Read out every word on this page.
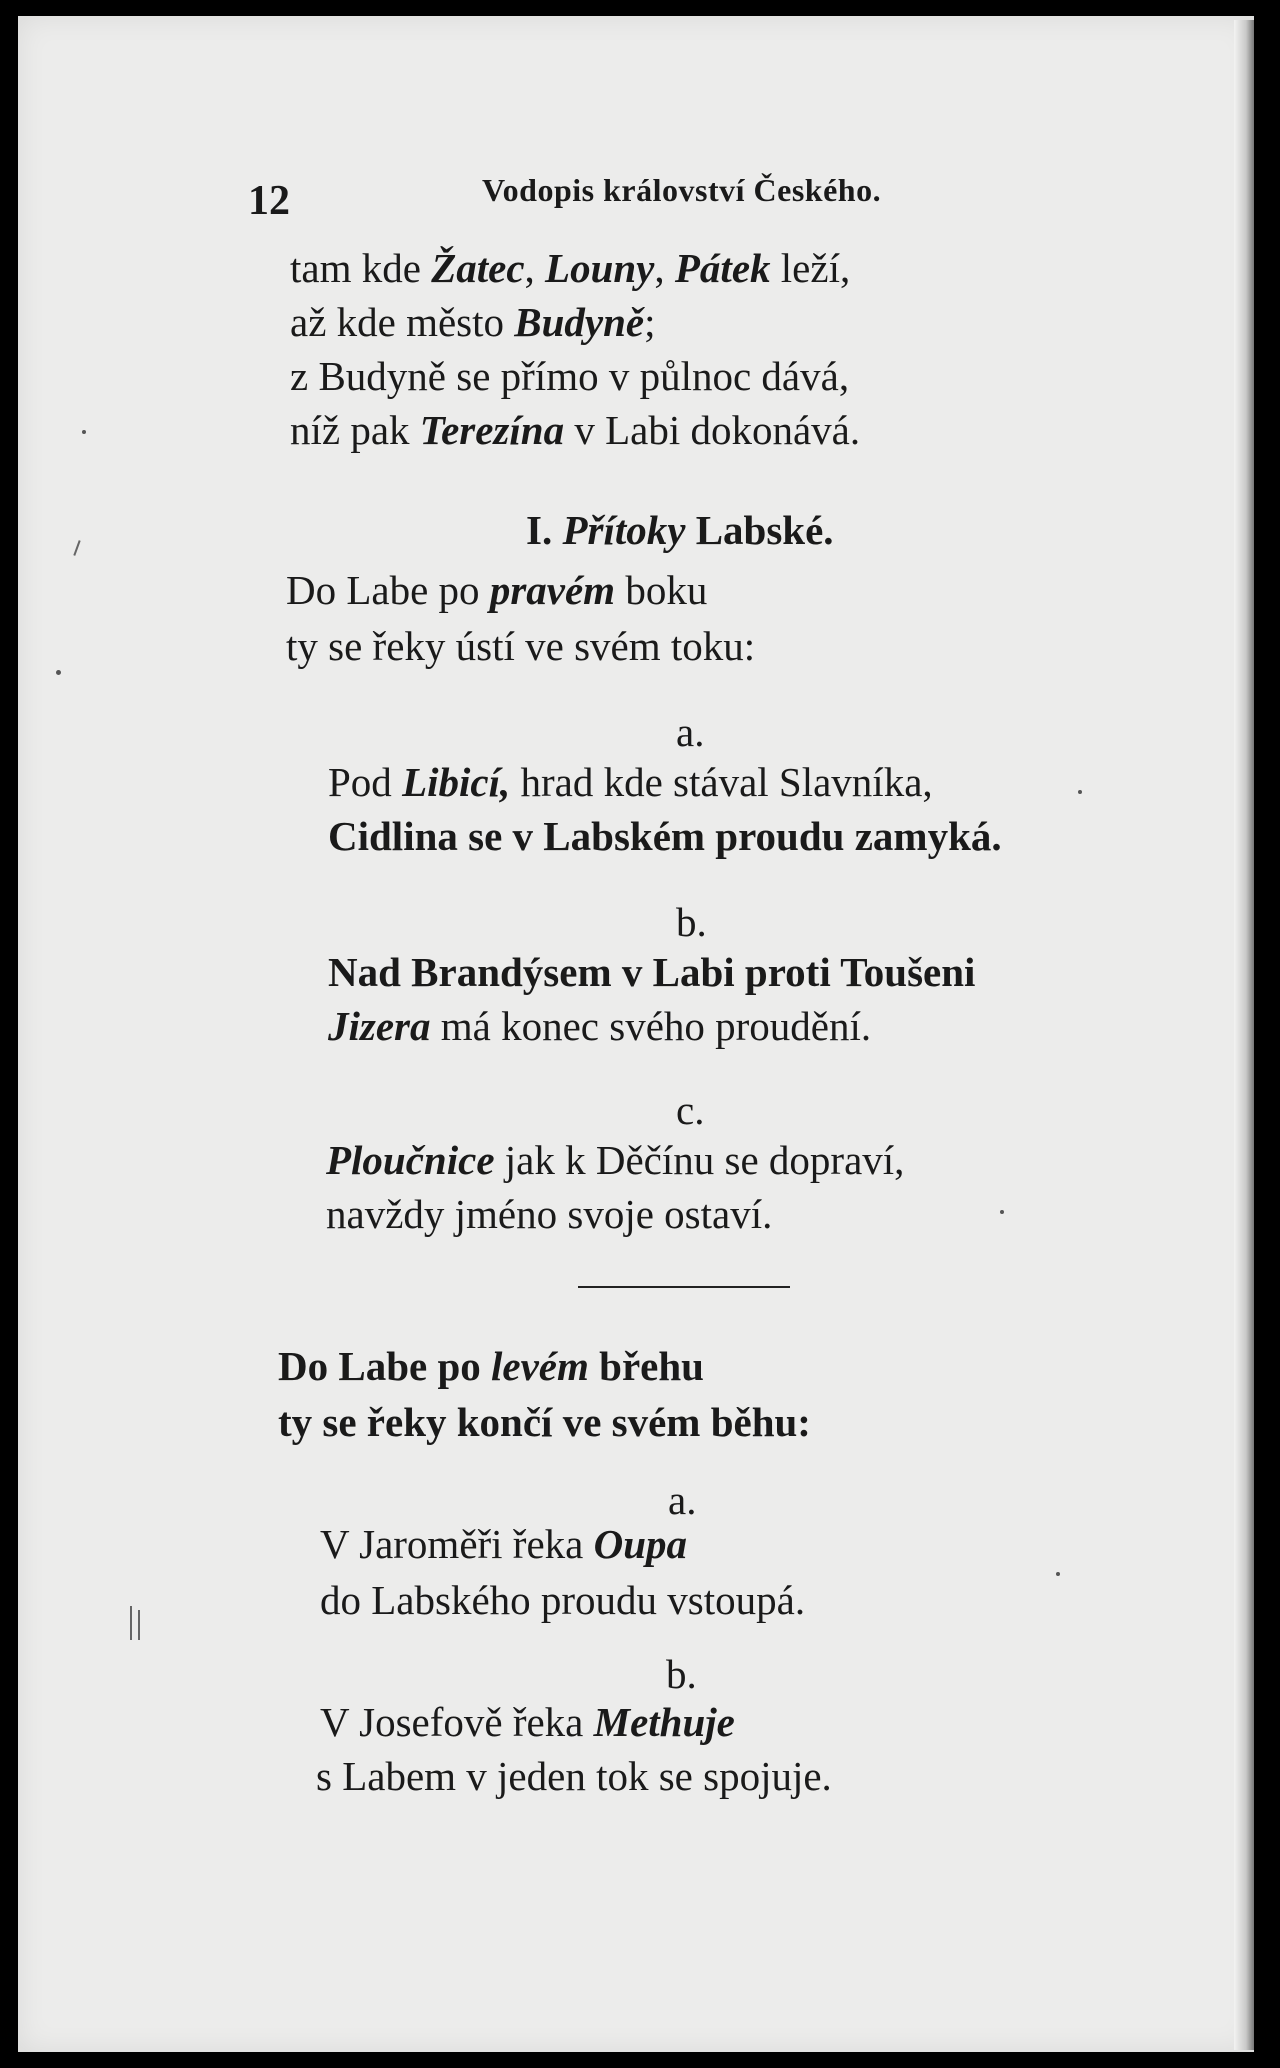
12	Vodopis království Českého.
tam kde Žatec, Louny, Pátek leží,
až kde město Budyně;
z Budyně se přímo v půlnoc dává,
níž pak Terezína v Labi dokonává.
I. Přítoky Labské.
Do Labe po pravém boku
ty se řeky ústí ve svém toku:
a.
Pod Libicí, hrad kde stával Slavníka,
Cidlina se v Labském proudu zamyká.
b.
Nad Brandýsem v Labi proti Toušeni
Jizera má konec svého proudění.
c.
Ploučnice jak k Děčínu se dopraví,
navždy jméno svoje ostaví.
Do Labe po levém břehu
ty se řeky končí ve svém běhu:
a.
V Jaroměři řeka Oupa
do Labského proudu vstoupá.
b.
V Josefově řeka Methuje
s Labem v jeden tok se spojuje.
